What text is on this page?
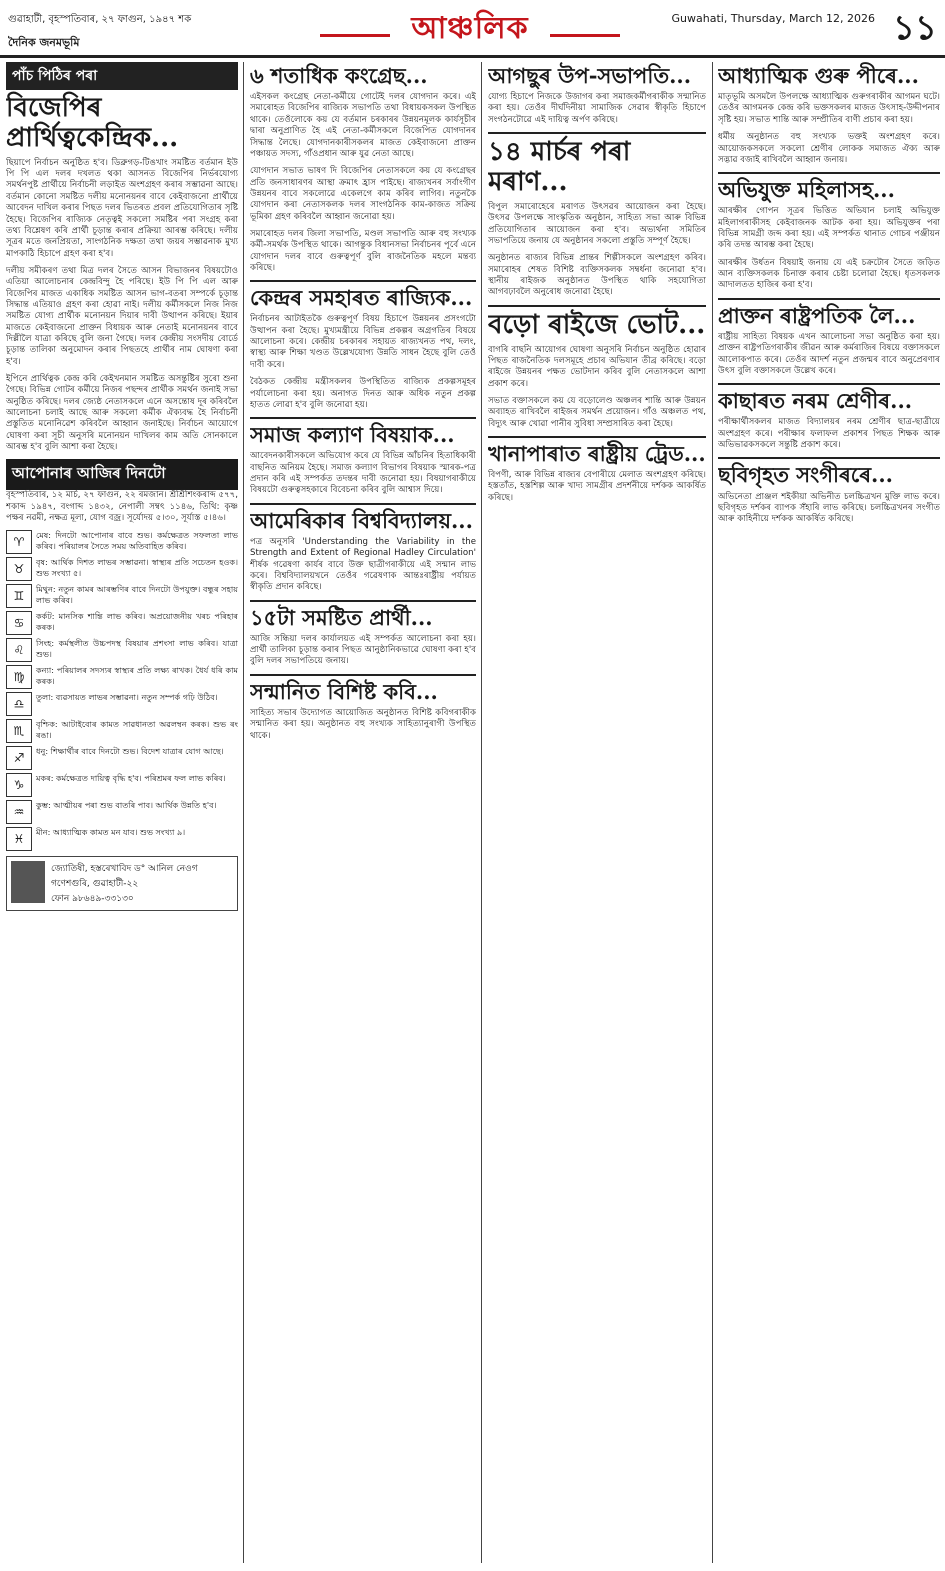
গুৱাহাটী, বৃহস্পতিবাৰ, ২৭ ফাগুন, ১৯৪৭ শক
দৈনিক জনমভূমি	আঞ্চলিক	Guwahati, Thursday, March 12, 2026 ১১
পাঁচ পিঠিৰ পৰা
বিজেপিৰ প্ৰাৰ্থিত্বকেন্দ্ৰিক...

ছিয়াপে নিৰ্বাচন অনুষ্ঠিত হ'ব। ডিব্ৰুগড়-টিঙখাং সমষ্টিত বৰ্তমান ইউ পি পি এল দলৰ দখলত থকা আসনত বিজেপিৰ নিৰ্ভৰযোগ্য সমৰ্থনপুষ্ট প্ৰাৰ্থীয়ে নিৰ্বাচনী লড়াইত অংশগ্ৰহণ কৰাৰ সম্ভাৱনা আছে। বৰ্তমান কোনো সমষ্টিত দলীয় মনোনয়নৰ বাবে কেইবাজনো প্ৰাৰ্থীয়ে আবেদন দাখিল কৰাৰ পিছত দলৰ ভিতৰত প্ৰবল প্ৰতিযোগিতাৰ সৃষ্টি হৈছে। বিজেপিৰ ৰাজ্যিক নেতৃত্বই সকলো সমষ্টিৰ পৰা সংগ্ৰহ কৰা তথ্য বিশ্লেষণ কৰি প্ৰাৰ্থী চূড়ান্ত কৰাৰ প্ৰক্ৰিয়া আৰম্ভ কৰিছে। দলীয় সূত্ৰৰ মতে জনপ্ৰিয়তা, সাংগঠনিক দক্ষতা তথা জয়ৰ সম্ভাৱনাক মুখ্য মাপকাঠি হিচাপে গ্ৰহণ কৰা হ'ব।

দলীয় সমীকৰণ তথা মিত্ৰ দলৰ সৈতে আসন বিভাজনৰ বিষয়টোও এতিয়া আলোচনাৰ কেন্দ্ৰবিন্দু হৈ পৰিছে। ইউ পি পি এল আৰু বিজেপিৰ মাজত একাধিক সমষ্টিত আসন ভাগ-বতৰা সম্পৰ্কে চূড়ান্ত সিদ্ধান্ত এতিয়াও গ্ৰহণ কৰা হোৱা নাই। দলীয় কৰ্মীসকলে নিজ নিজ সমষ্টিত যোগ্য প্ৰাৰ্থীক মনোনয়ন দিয়াৰ দাবী উত্থাপন কৰিছে। ইয়াৰ মাজতে কেইবাজনো প্ৰাক্তন বিধায়ক আৰু নেতাই মনোনয়নৰ বাবে দিল্লীলৈ যাত্ৰা কৰিছে বুলি জনা গৈছে। দলৰ কেন্দ্ৰীয় সংসদীয় বোৰ্ডে চূড়ান্ত তালিকা অনুমোদন কৰাৰ পিছতহে প্ৰাৰ্থীৰ নাম ঘোষণা কৰা হ'ব।

ইপিনে প্ৰাৰ্থিত্বক কেন্দ্ৰ কৰি কেইখনমান সমষ্টিত অসন্তুষ্টিৰ সুৰো শুনা গৈছে। বিভিন্ন গোটৰ কৰ্মীয়ে নিজৰ পছন্দৰ প্ৰাৰ্থীক সমৰ্থন জনাই সভা অনুষ্ঠিত কৰিছে। দলৰ জ্যেষ্ঠ নেতাসকলে এনে অসন্তোষ দূৰ কৰিবলৈ আলোচনা চলাই আছে আৰু সকলো কৰ্মীক ঐক্যবদ্ধ হৈ নিৰ্বাচনী প্ৰস্তুতিত মনোনিৱেশ কৰিবলৈ আহ্বান জনাইছে। নিৰ্বাচন আয়োগে ঘোষণা কৰা সূচী অনুসৰি মনোনয়ন দাখিলৰ কাম অতি সোনকালে আৰম্ভ হ'ব বুলি আশা কৰা হৈছে।

আপোনাৰ আজিৰ দিনটো

বৃহস্পতিবাৰ, ১২ মাৰ্চ, ২৭ ফাগুন, ২২ ৰমজান। শ্ৰীশ্ৰীশংকৰাব্দ ৫৭৭, শকাব্দ ১৯৪৭, বংগাব্দ ১৪৩২, নেপালী সম্বৎ ১১৪৬, তিথি: কৃষ্ণ পক্ষৰ নৱমী, নক্ষত্ৰ মূলা, যোগ বজ্ৰ। সূৰ্যোদয় ৫।৩০, সূৰ্যাস্ত ৫।৪৬।

♈	মেষ: দিনটো আপোনাৰ বাবে শুভ। কৰ্মক্ষেত্ৰত সফলতা লাভ কৰিব। পৰিয়ালৰ সৈতে সময় অতিবাহিত কৰিব।

♉	বৃষ: আৰ্থিক দিশত লাভৰ সম্ভাৱনা। স্বাস্থ্যৰ প্ৰতি সচেতন হওক। শুভ সংখ্যা ৫।

♊	মিথুন: নতুন কামৰ আৰম্ভণিৰ বাবে দিনটো উপযুক্ত। বন্ধুৰ সহায় লাভ কৰিব।

♋	কৰ্কট: মানসিক শান্তি লাভ কৰিব। অপ্ৰয়োজনীয় খৰচ পৰিহাৰ কৰক।

♌	সিংহ: কৰ্মস্থলীত উচ্চপদস্থ বিষয়াৰ প্ৰশংসা লাভ কৰিব। যাত্ৰা শুভ।

♍	কন্যা: পৰিয়ালৰ সদস্যৰ স্বাস্থ্যৰ প্ৰতি লক্ষ্য ৰাখক। ধৈৰ্য ধৰি কাম কৰক।

♎	তুলা: ব্যৱসায়ত লাভৰ সম্ভাৱনা। নতুন সম্পৰ্ক গঢ়ি উঠিব।

♏	বৃশ্চিক: আটাইবোৰ কামত সাৱধানতা অৱলম্বন কৰক। শুভ ৰং ৰঙা।

♐	ধনু: শিক্ষাৰ্থীৰ বাবে দিনটো শুভ। বিদেশ যাত্ৰাৰ যোগ আছে।

♑	মকৰ: কৰ্মক্ষেত্ৰত দায়িত্ব বৃদ্ধি হ'ব। পৰিশ্ৰমৰ ফল লাভ কৰিব।

♒	কুম্ভ: আত্মীয়ৰ পৰা শুভ বাতৰি পাব। আৰ্থিক উন্নতি হ'ব।

♓	মীন: আধ্যাত্মিক কামত মন যাব। শুভ সংখ্যা ৯।

জ্যোতিষী, হস্তৰেখাবিদ ড° আনিল নেওগ
গণেশগুৰি, গুৱাহাটী-২২
ফোন ৯৮৬৪৯-৩৩১৩০
৬ শতাধিক কংগ্ৰেছ...

এইসকল কংগ্ৰেছ নেতা-কৰ্মীয়ে গোটেই দলৰ যোগদান কৰে। এই সমাৰোহত বিজেপিৰ ৰাজ্যিক সভাপতি তথা বিধায়কসকল উপস্থিত থাকে। তেওঁলোকে কয় যে বৰ্তমান চৰকাৰৰ উন্নয়নমূলক কাৰ্যসূচীৰ দ্বাৰা অনুপ্ৰাণিত হৈ এই নেতা-কৰ্মীসকলে বিজেপিত যোগদানৰ সিদ্ধান্ত লৈছে। যোগদানকাৰীসকলৰ মাজত কেইবাজনো প্ৰাক্তন পঞ্চায়ত সদস্য, গাঁওপ্ৰধান আৰু যুৱ নেতা আছে।

যোগদান সভাত ভাষণ দি বিজেপিৰ নেতাসকলে কয় যে কংগ্ৰেছৰ প্ৰতি জনসাধাৰণৰ আস্থা ক্ৰমাৎ হ্ৰাস পাইছে। ৰাজ্যখনৰ সৰ্বাংগীণ উন্নয়নৰ বাবে সকলোৱে একেলগে কাম কৰিব লাগিব। নতুনকৈ যোগদান কৰা নেতাসকলক দলৰ সাংগঠনিক কাম-কাজত সক্ৰিয় ভূমিকা গ্ৰহণ কৰিবলৈ আহ্বান জনোৱা হয়।

সমাৰোহত দলৰ জিলা সভাপতি, মণ্ডল সভাপতি আৰু বহু সংখ্যক কৰ্মী-সমৰ্থক উপস্থিত থাকে। আগন্তুক বিধানসভা নিৰ্বাচনৰ পূৰ্বে এনে যোগদান দলৰ বাবে গুৰুত্বপূৰ্ণ বুলি ৰাজনৈতিক মহলে মন্তব্য কৰিছে।

কেন্দ্ৰৰ সমহাৰত ৰাজ্যিক...

নিৰ্বাচনৰ আটাইতকৈ গুৰুত্বপূৰ্ণ বিষয় হিচাপে উন্নয়নৰ প্ৰসংগটো উত্থাপন কৰা হৈছে। মুখ্যমন্ত্ৰীয়ে বিভিন্ন প্ৰকল্পৰ অগ্ৰগতিৰ বিষয়ে আলোচনা কৰে। কেন্দ্ৰীয় চৰকাৰৰ সহায়ত ৰাজ্যখনত পথ, দলং, স্বাস্থ্য আৰু শিক্ষা খণ্ডত উল্লেখযোগ্য উন্নতি সাধন হৈছে বুলি তেওঁ দাবী কৰে।

বৈঠকত কেন্দ্ৰীয় মন্ত্ৰীসকলৰ উপস্থিতিত ৰাজ্যিক প্ৰকল্পসমূহৰ পৰ্যালোচনা কৰা হয়। অনাগত দিনত আৰু অধিক নতুন প্ৰকল্প হাতত লোৱা হ'ব বুলি জনোৱা হয়।

সমাজ কল্যাণ বিষয়াক...

আবেদনকাৰীসকলে অভিযোগ কৰে যে বিভিন্ন আঁচনিৰ হিতাধিকাৰী বাছনিত অনিয়ম হৈছে। সমাজ কল্যাণ বিভাগৰ বিষয়াক স্মাৰক-পত্ৰ প্ৰদান কৰি এই সম্পৰ্কত তদন্তৰ দাবী জনোৱা হয়। বিষয়াগৰাকীয়ে বিষয়টো গুৰুত্বসহকাৰে বিবেচনা কৰিব বুলি আশ্বাস দিয়ে।

আমেৰিকাৰ বিশ্ববিদ্যালয়...

পত্ৰ অনুসৰি 'Understanding the Variability in the Strength and Extent of Regional Hadley Circulation' শীৰ্ষক গৱেষণা কাৰ্যৰ বাবে উক্ত ছাত্ৰীগৰাকীয়ে এই সন্মান লাভ কৰে। বিশ্ববিদ্যালয়খনে তেওঁৰ গৱেষণাক আন্তঃৰাষ্ট্ৰীয় পৰ্যায়ত স্বীকৃতি প্ৰদান কৰিছে।

১৫টা সমষ্টিত প্ৰাৰ্থী...

আজি সন্ধিয়া দলৰ কাৰ্যালয়ত এই সম্পৰ্কত আলোচনা কৰা হয়। প্ৰাৰ্থী তালিকা চূড়ান্ত কৰাৰ পিছত আনুষ্ঠানিকভাৱে ঘোষণা কৰা হ'ব বুলি দলৰ সভাপতিয়ে জনায়।

সন্মানিত বিশিষ্ট কবি...

সাহিত্য সভাৰ উদ্যোগত আয়োজিত অনুষ্ঠানত বিশিষ্ট কবিগৰাকীক সন্মানিত কৰা হয়। অনুষ্ঠানত বহু সংখ্যক সাহিত্যানুৰাগী উপস্থিত থাকে।

আগছুৰ উপ-সভাপতি...

যোগ্য হিচাপে নিজকে উজাগৰ কৰা সমাজকৰ্মীগৰাকীক সন্মানিত কৰা হয়। তেওঁৰ দীৰ্ঘদিনীয়া সামাজিক সেৱাৰ স্বীকৃতি হিচাপে সংগঠনটোৱে এই দায়িত্ব অৰ্পণ কৰিছে।

১৪ মাৰ্চৰ পৰা মৰাণ...

বিপুল সমাৰোহেৰে মৰাণত উৎসৱৰ আয়োজন কৰা হৈছে। উৎসৱ উপলক্ষে সাংস্কৃতিক অনুষ্ঠান, সাহিত্য সভা আৰু বিভিন্ন প্ৰতিযোগিতাৰ আয়োজন কৰা হ'ব। অভ্যৰ্থনা সমিতিৰ সভাপতিয়ে জনায় যে অনুষ্ঠানৰ সকলো প্ৰস্তুতি সম্পূৰ্ণ হৈছে।

অনুষ্ঠানত ৰাজ্যৰ বিভিন্ন প্ৰান্তৰ শিল্পীসকলে অংশগ্ৰহণ কৰিব। সমাৰোহৰ শেষত বিশিষ্ট ব্যক্তিসকলক সম্বৰ্ধনা জনোৱা হ'ব। স্থানীয় ৰাইজক অনুষ্ঠানত উপস্থিত থাকি সহযোগিতা আগবঢ়াবলৈ অনুৰোধ জনোৱা হৈছে।

বড়ো ৰাইজে ভোট...

বাগৰি বাছনি আয়োগৰ ঘোষণা অনুসৰি নিৰ্বাচন অনুষ্ঠিত হোৱাৰ পিছত ৰাজনৈতিক দলসমূহে প্ৰচাৰ অভিযান তীব্ৰ কৰিছে। বড়ো ৰাইজে উন্নয়নৰ পক্ষত ভোটদান কৰিব বুলি নেতাসকলে আশা প্ৰকাশ কৰে।

সভাত বক্তাসকলে কয় যে বড়োলেণ্ড অঞ্চলৰ শান্তি আৰু উন্নয়ন অব্যাহত ৰাখিবলৈ ৰাইজৰ সমৰ্থন প্ৰয়োজন। গাঁও অঞ্চলত পথ, বিদ্যুৎ আৰু খোৱা পানীৰ সুবিধা সম্প্ৰসাৰিত কৰা হৈছে।

খানাপাৰাত ৰাষ্ট্ৰীয় ট্ৰেড...

বিপণী, আৰু বিভিন্ন ৰাজ্যৰ বেপাৰীয়ে মেলাত অংশগ্ৰহণ কৰিছে। হস্ততাঁত, হস্তশিল্প আৰু খাদ্য সামগ্ৰীৰ প্ৰদৰ্শনীয়ে দৰ্শকক আকৰ্ষিত কৰিছে।

আধ্যাত্মিক গুৰু পীৰে...

মাতৃভূমি অসমলৈ উপলক্ষে আধ্যাত্মিক গুৰুগৰাকীৰ আগমন ঘটে। তেওঁৰ আগমনক কেন্দ্ৰ কৰি ভক্তসকলৰ মাজত উৎসাহ-উদ্দীপনাৰ সৃষ্টি হয়। সভাত শান্তি আৰু সম্প্ৰীতিৰ বাণী প্ৰচাৰ কৰা হয়।

ধৰ্মীয় অনুষ্ঠানত বহু সংখ্যক ভক্তই অংশগ্ৰহণ কৰে। আয়োজকসকলে সকলো শ্ৰেণীৰ লোকক সমাজত ঐক্য আৰু সদ্ভাৱ বজাই ৰাখিবলৈ আহ্বান জনায়।

অভিযুক্ত মহিলাসহ...

আৰক্ষীৰ গোপন সূত্ৰৰ ভিত্তিত অভিযান চলাই অভিযুক্ত মহিলাগৰাকীসহ কেইবাজনক আটক কৰা হয়। অভিযুক্তৰ পৰা বিভিন্ন সামগ্ৰী জব্দ কৰা হয়। এই সম্পৰ্কত থানাত গোচৰ পঞ্জীয়ন কৰি তদন্ত আৰম্ভ কৰা হৈছে।

আৰক্ষীৰ উৰ্ধতন বিষয়াই জনায় যে এই চক্ৰটোৰ সৈতে জড়িত আন ব্যক্তিসকলক চিনাক্ত কৰাৰ চেষ্টা চলোৱা হৈছে। ধৃতসকলক আদালতত হাজিৰ কৰা হ'ব।

প্ৰাক্তন ৰাষ্ট্ৰপতিক লৈ...

ৰাষ্ট্ৰীয় সাহিত্য বিষয়ক এখন আলোচনা সভা অনুষ্ঠিত কৰা হয়। প্ৰাক্তন ৰাষ্ট্ৰপতিগৰাকীৰ জীৱন আৰু কৰ্মৰাজিৰ বিষয়ে বক্তাসকলে আলোকপাত কৰে। তেওঁৰ আদৰ্শ নতুন প্ৰজন্মৰ বাবে অনুপ্ৰেৰণাৰ উৎস বুলি বক্তাসকলে উল্লেখ কৰে।

কাছাৰত নৰম শ্ৰেণীৰ...

পৰীক্ষাৰ্থীসকলৰ মাজত বিদ্যালয়ৰ নৰম শ্ৰেণীৰ ছাত্ৰ-ছাত্ৰীয়ে অংশগ্ৰহণ কৰে। পৰীক্ষাৰ ফলাফল প্ৰকাশৰ পিছত শিক্ষক আৰু অভিভাৱকসকলে সন্তুষ্টি প্ৰকাশ কৰে।

ছবিগৃহত সংগীৰৰে...

অভিনেতা প্ৰাঞ্জল শইকীয়া অভিনীত চলচ্চিত্ৰখন মুক্তি লাভ কৰে। ছবিগৃহত দৰ্শকৰ ব্যাপক সঁহাৰি লাভ কৰিছে। চলচ্চিত্ৰখনৰ সংগীত আৰু কাহিনীয়ে দৰ্শকক আকৰ্ষিত কৰিছে।
